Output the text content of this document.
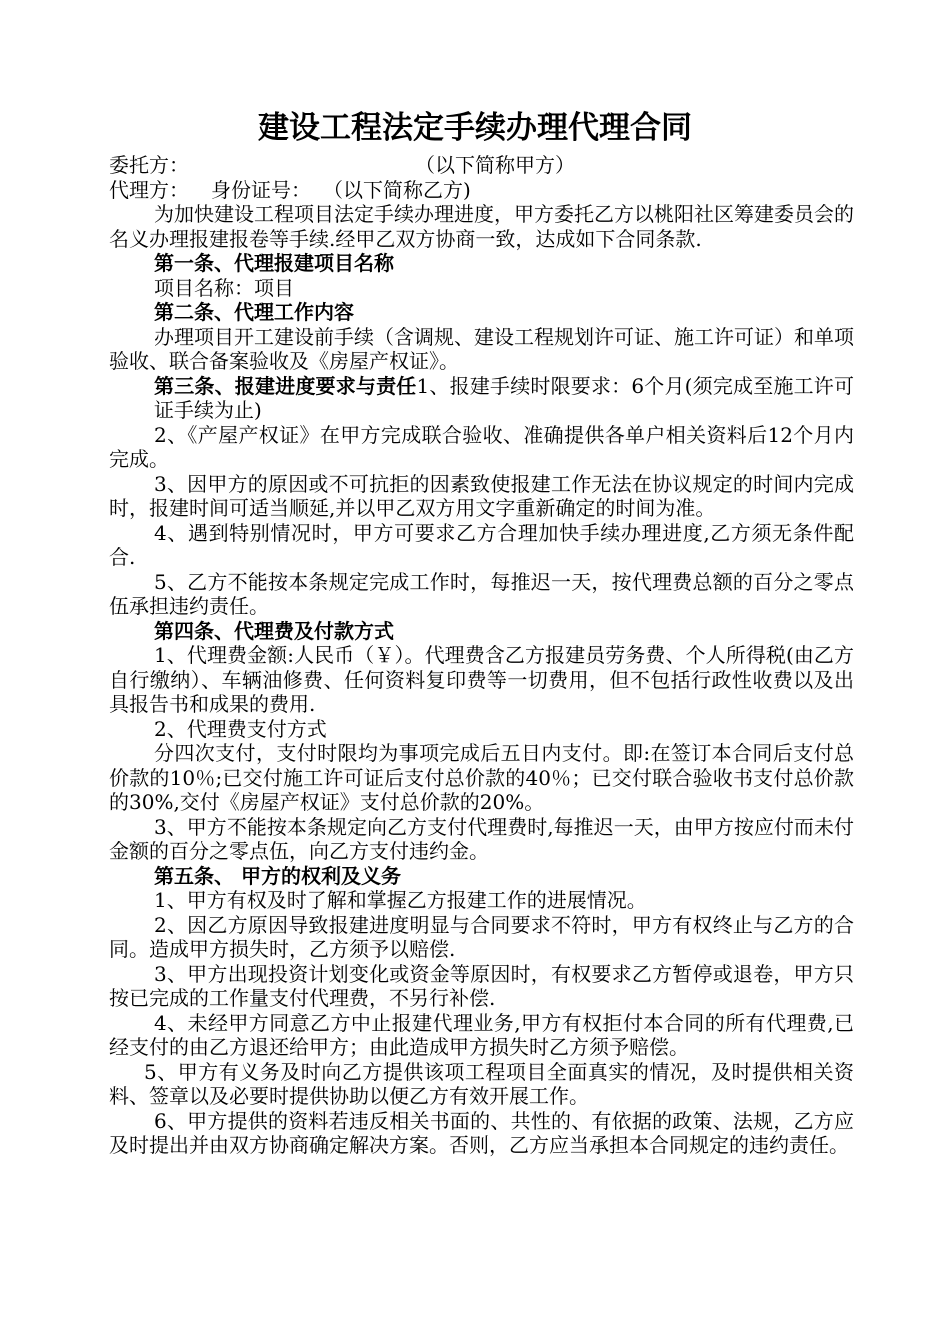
建设工程法定手续办理代理合同

委托方：	（以下简称甲方）

代理方： 身份证号： （以下简称乙方)

为加快建设工程项目法定手续办理进度，甲方委托乙方以桃阳社区筹建委员会的名义办理报建报卷等手续.经甲乙双方协商一致，达成如下合同条款.

第一条、代理报建项目名称

项目名称：项目

第二条、代理工作内容

办理项目开工建设前手续（含调规、建设工程规划许可证、施工许可证）和单项验收、联合备案验收及《房屋产权证》。

第三条、报建进度要求与责任1、报建手续时限要求：6个月(须完成至施工许可证手续为止)

2、《产屋产权证》在甲方完成联合验收、准确提供各单户相关资料后12个月内完成。

3、因甲方的原因或不可抗拒的因素致使报建工作无法在协议规定的时间内完成时，报建时间可适当顺延,并以甲乙双方用文字重新确定的时间为准。

4、遇到特别情况时，甲方可要求乙方合理加快手续办理进度,乙方须无条件配合.

5、乙方不能按本条规定完成工作时，每推迟一天，按代理费总额的百分之零点伍承担违约责任。

第四条、代理费及付款方式

1、代理费金额:人民币（￥）。代理费含乙方报建员劳务费、个人所得税(由乙方自行缴纳）、车辆油修费、任何资料复印费等一切费用，但不包括行政性收费以及出具报告书和成果的费用.

2、代理费支付方式

分四次支付，支付时限均为事项完成后五日内支付。即:在签订本合同后支付总价款的10％;已交付施工许可证后支付总价款的40％；已交付联合验收书支付总价款的30%,交付《房屋产权证》支付总价款的20%。

3、甲方不能按本条规定向乙方支付代理费时,每推迟一天，由甲方按应付而未付金额的百分之零点伍，向乙方支付违约金。

第五条、 甲方的权利及义务

1、甲方有权及时了解和掌握乙方报建工作的进展情况。

2、因乙方原因导致报建进度明显与合同要求不符时，甲方有权终止与乙方的合同。造成甲方损失时，乙方须予以赔偿.

3、甲方出现投资计划变化或资金等原因时，有权要求乙方暂停或退卷，甲方只按已完成的工作量支付代理费，不另行补偿.

4、未经甲方同意乙方中止报建代理业务,甲方有权拒付本合同的所有代理费,已经支付的由乙方退还给甲方；由此造成甲方损失时乙方须予赔偿。

5、甲方有义务及时向乙方提供该项工程项目全面真实的情况，及时提供相关资料、签章以及必要时提供协助以便乙方有效开展工作。

6、甲方提供的资料若违反相关书面的、共性的、有依据的政策、法规，乙方应及时提出并由双方协商确定解决方案。否则，乙方应当承担本合同规定的违约责任。
